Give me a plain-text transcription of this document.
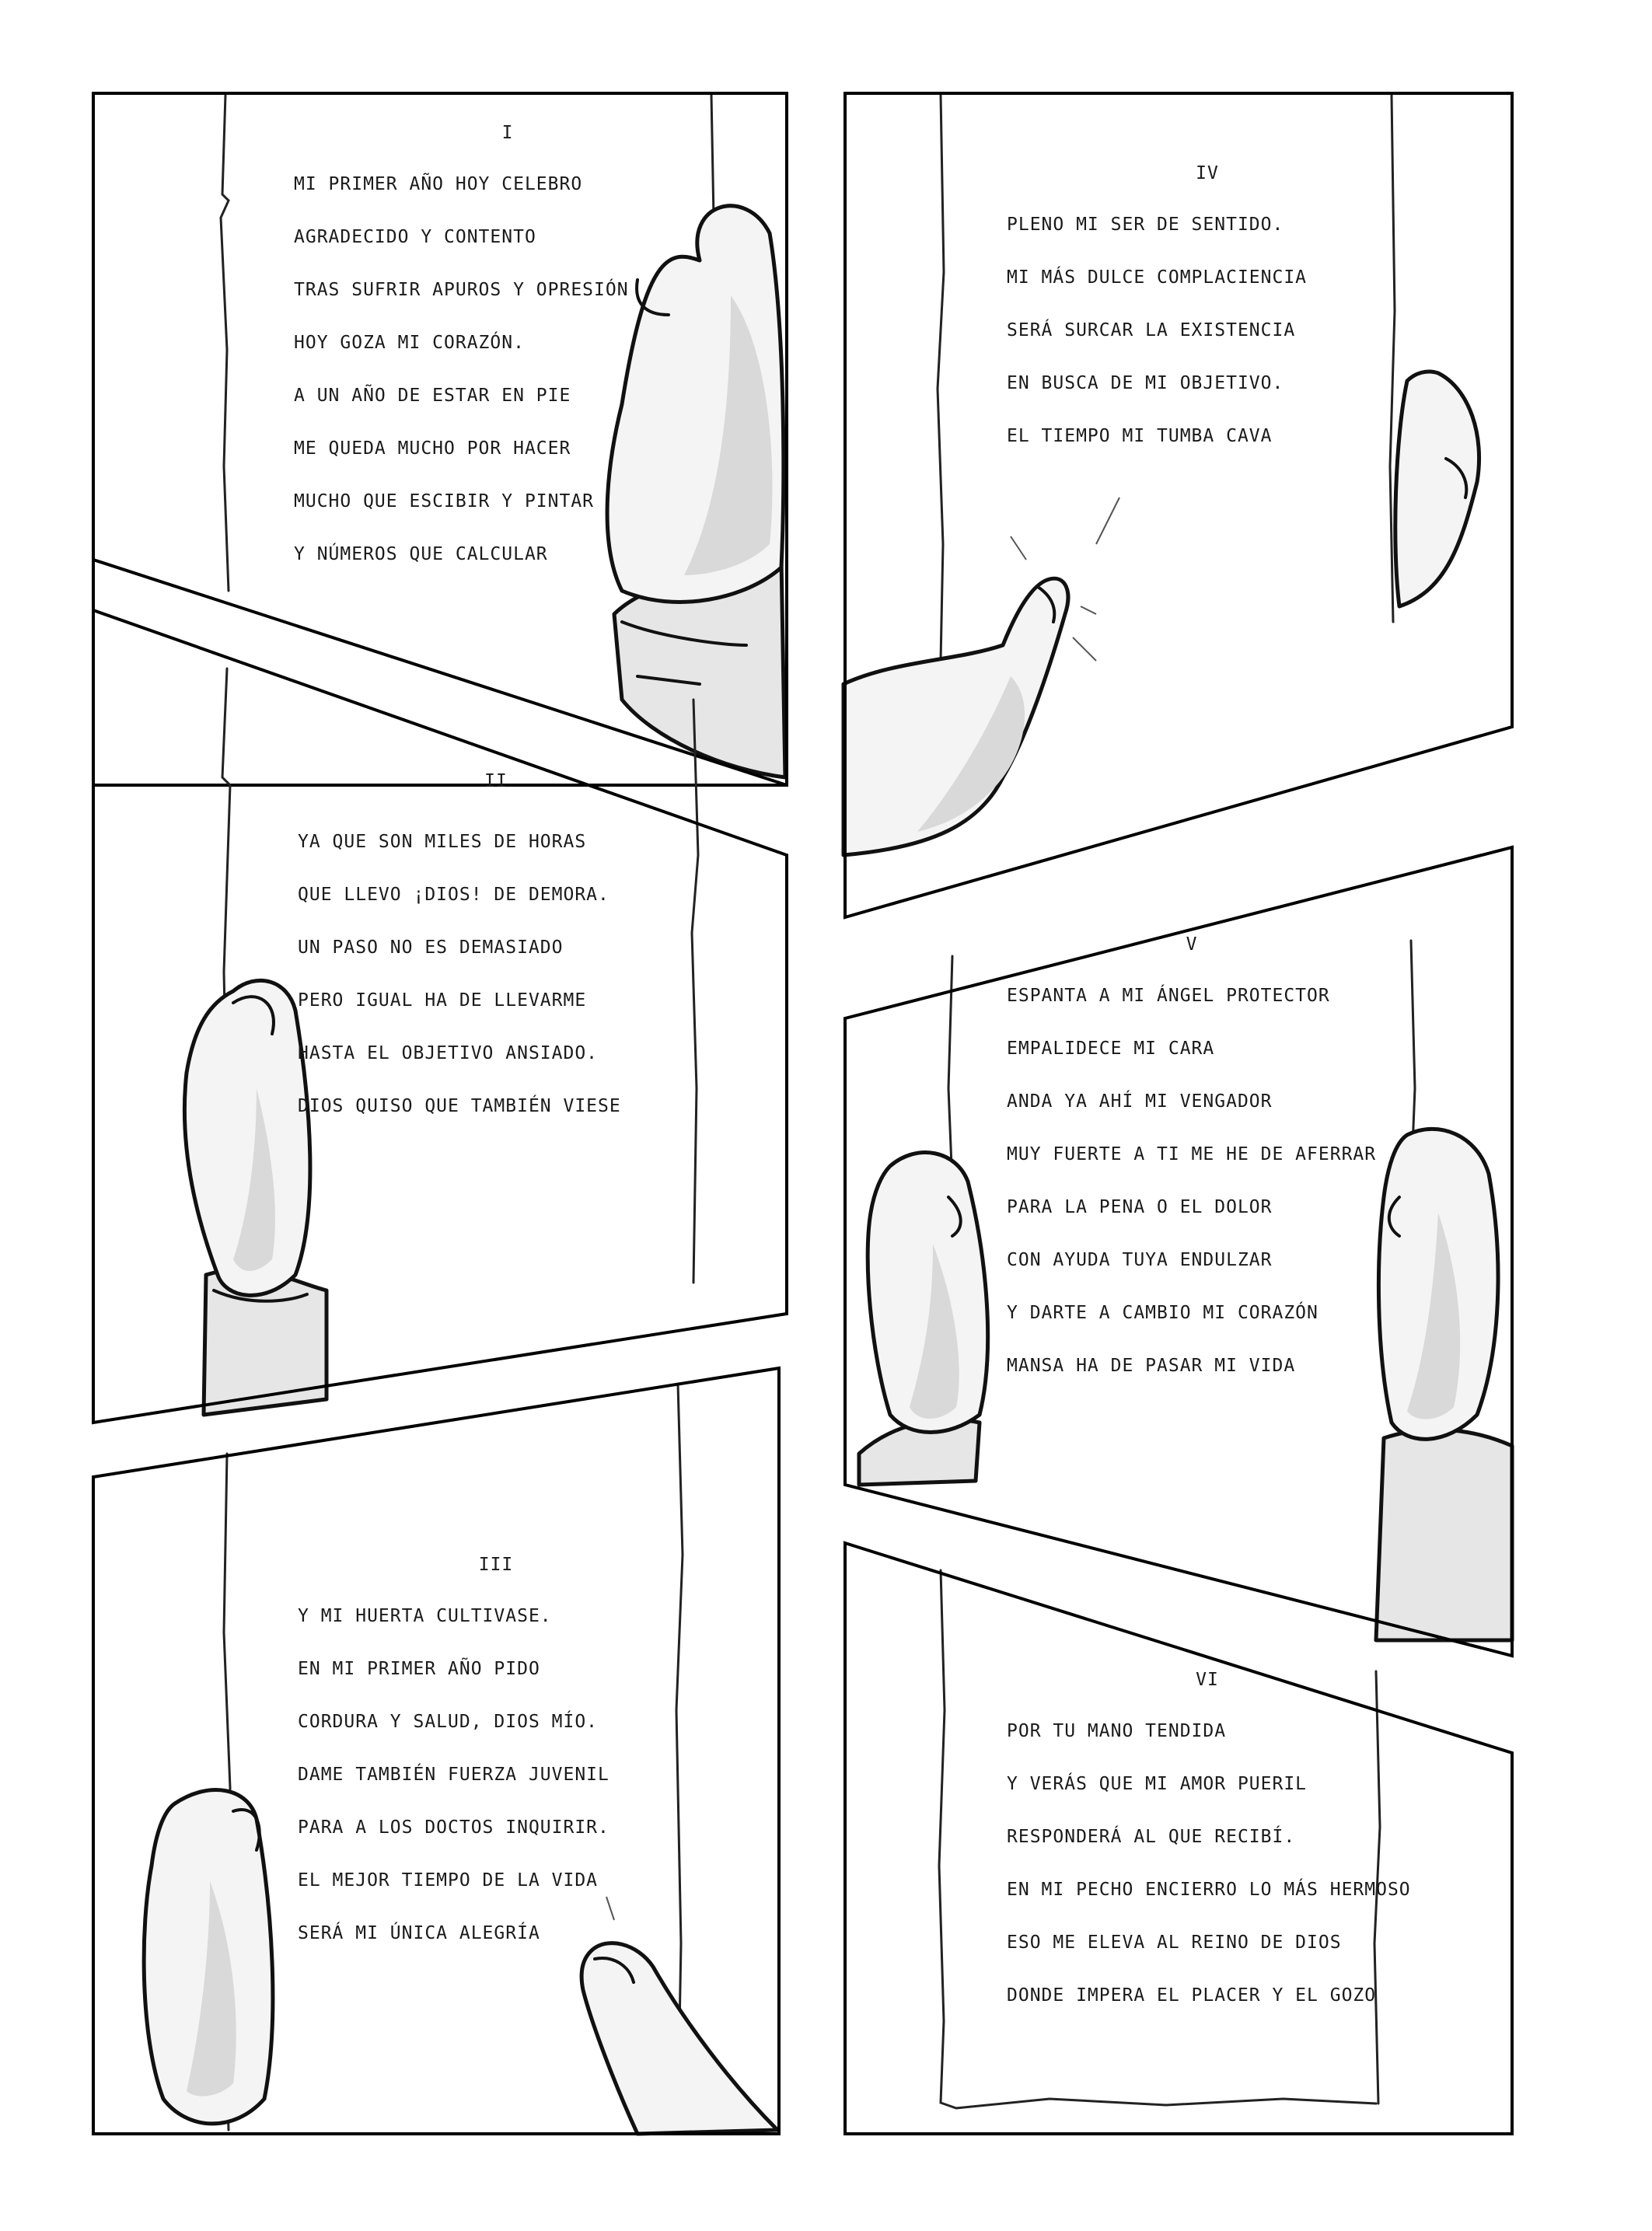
I

MI PRIMER AÑO HOY CELEBRO
AGRADECIDO Y CONTENTO
TRAS SUFRIR APUROS Y OPRESIÓN
HOY GOZA MI CORAZÓN.
A UN AÑO DE ESTAR EN PIE
ME QUEDA MUCHO POR HACER
MUCHO QUE ESCIBIR Y PINTAR
Y NÚMEROS QUE CALCULAR

II

YA QUE SON MILES DE HORAS
QUE LLEVO ¡DIOS! DE DEMORA.
UN PASO NO ES DEMASIADO
PERO IGUAL HA DE LLEVARME
HASTA EL OBJETIVO ANSIADO.
DIOS QUISO QUE TAMBIÉN VIESE

III

Y MI HUERTA CULTIVASE.
EN MI PRIMER AÑO PIDO
CORDURA Y SALUD, DIOS MÍO.
DAME TAMBIÉN FUERZA JUVENIL
PARA A LOS DOCTOS INQUIRIR.
EL MEJOR TIEMPO DE LA VIDA
SERÁ MI ÚNICA ALEGRÍA

IV

PLENO MI SER DE SENTIDO.
MI MÁS DULCE COMPLACIENCIA
SERÁ SURCAR LA EXISTENCIA
EN BUSCA DE MI OBJETIVO.
EL TIEMPO MI TUMBA CAVA

V

ESPANTA A MI ÁNGEL PROTECTOR
EMPALIDECE MI CARA
ANDA YA AHÍ MI VENGADOR
MUY FUERTE A TI ME HE DE AFERRAR
PARA LA PENA O EL DOLOR
CON AYUDA TUYA ENDULZAR
Y DARTE A CAMBIO MI CORAZÓN
MANSA HA DE PASAR MI VIDA

VI

POR TU MANO TENDIDA
Y VERÁS QUE MI AMOR PUERIL
RESPONDERÁ AL QUE RECIBÍ.
EN MI PECHO ENCIERRO LO MÁS HERMOSO
ESO ME ELEVA AL REINO DE DIOS
DONDE IMPERA EL PLACER Y EL GOZO
